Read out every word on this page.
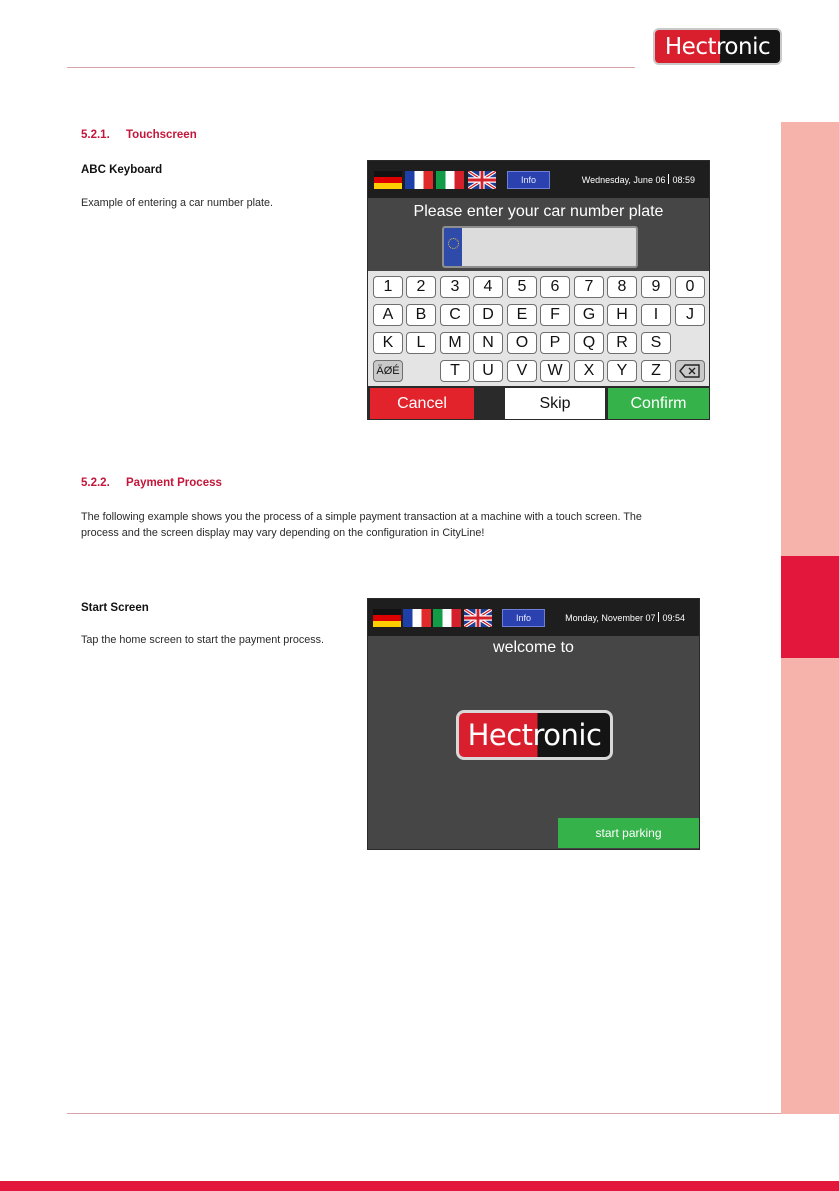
Hectronic
5.2.1. Touchscreen
ABC Keyboard
Example of entering a car number plate.
Info	Wednesday, June 06 08:59
Please enter your car number plate
1	2	3	4	5	6	7	8	9	0
A	B	C	D	E	F	G	H	I	J
K	L	M	N	O	P	Q	R	S
ÄØÉ	T	U	V	W	X	Y	Z
Cancel	Skip	Confirm
5.2.2. Payment Process
The following example shows you the process of a simple payment transaction at a machine with a touch screen. The
process and the screen display may vary depending on the configuration in CityLine!
Start Screen
Tap the home screen to start the payment process.
Info	Monday, November 07 09:54
welcome to
Hectronic
start parking
